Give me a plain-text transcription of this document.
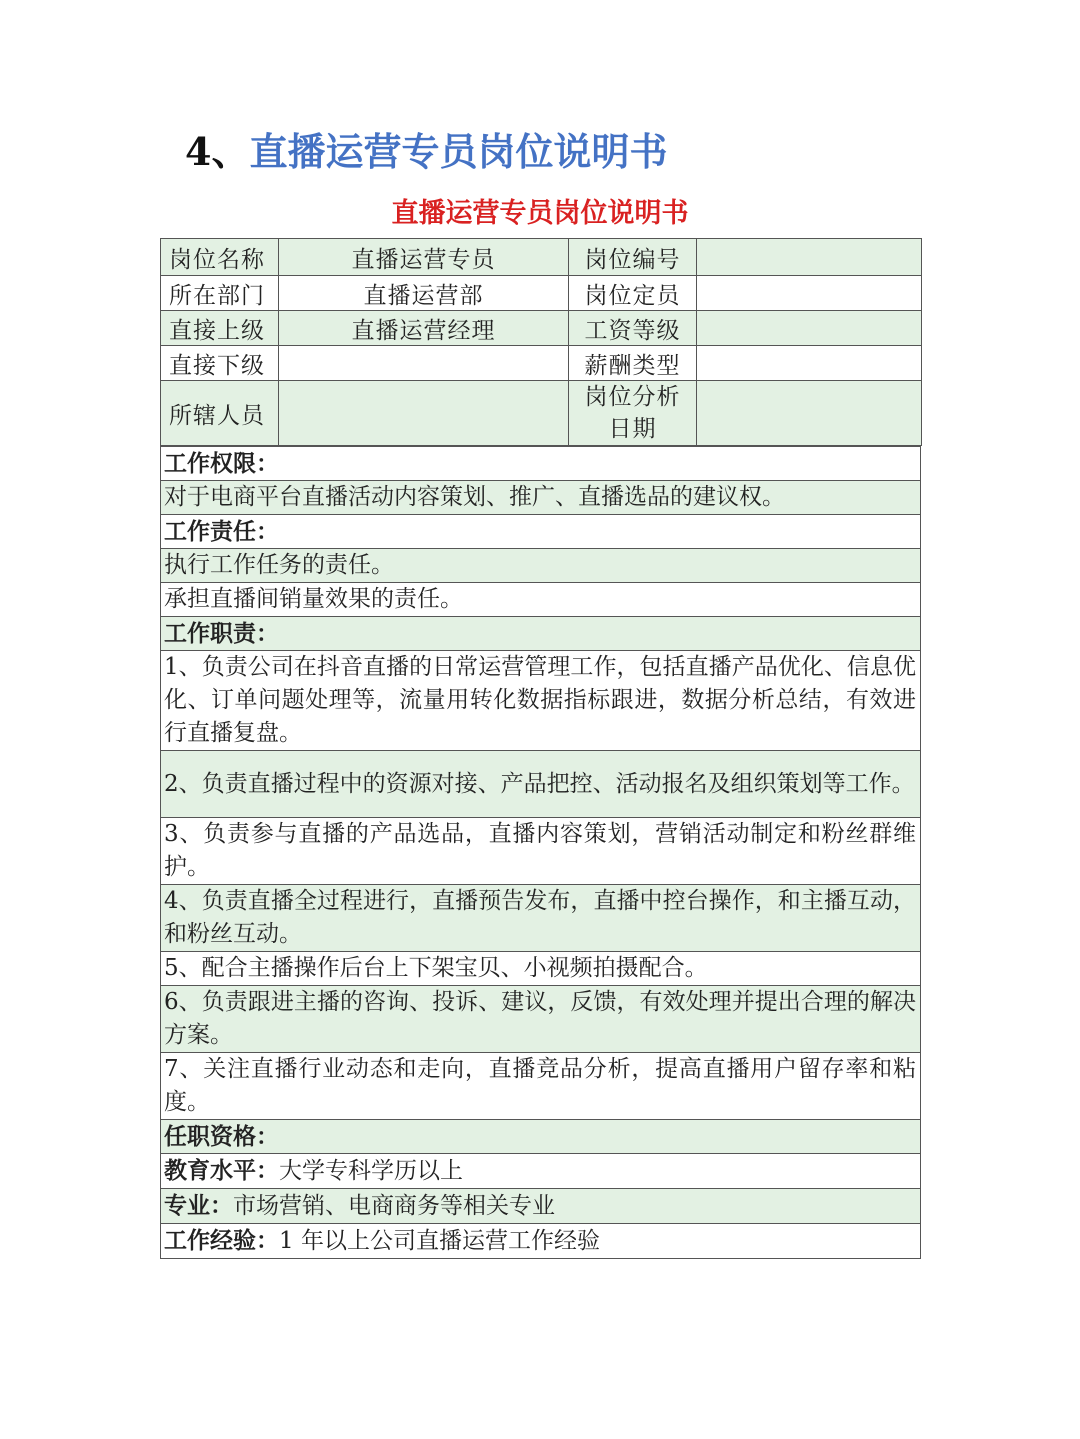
4、直播运营专员岗位说明书
直播运营专员岗位说明书
岗位名称	直播运营专员	岗位编号	
所在部门	直播运营部	岗位定员	
直接上级	直播运营经理	工资等级	
直接下级		薪酬类型	
所辖人员		岗位分析
日期	
工作权限：
对于电商平台直播活动内容策划、推广、直播选品的建议权。
工作责任：
执行工作任务的责任。
承担直播间销量效果的责任。
工作职责：
1、负责公司在抖音直播的日常运营管理工作，包括直播产品优化、信息优化、订单问题处理等，流量用转化数据指标跟进，数据分析总结，有效进行直播复盘。
2、负责直播过程中的资源对接、产品把控、活动报名及组织策划等工作。
3、负责参与直播的产品选品，直播内容策划，营销活动制定和粉丝群维护。
4、负责直播全过程进行，直播预告发布，直播中控台操作，和主播互动，和粉丝互动。
5、配合主播操作后台上下架宝贝、小视频拍摄配合。
6、负责跟进主播的咨询、投诉、建议，反馈，有效处理并提出合理的解决方案。
7、关注直播行业动态和走向，直播竞品分析，提高直播用户留存率和粘度。
任职资格：
教育水平：大学专科学历以上
专业：市场营销、电商商务等相关专业
工作经验：1 年以上公司直播运营工作经验
